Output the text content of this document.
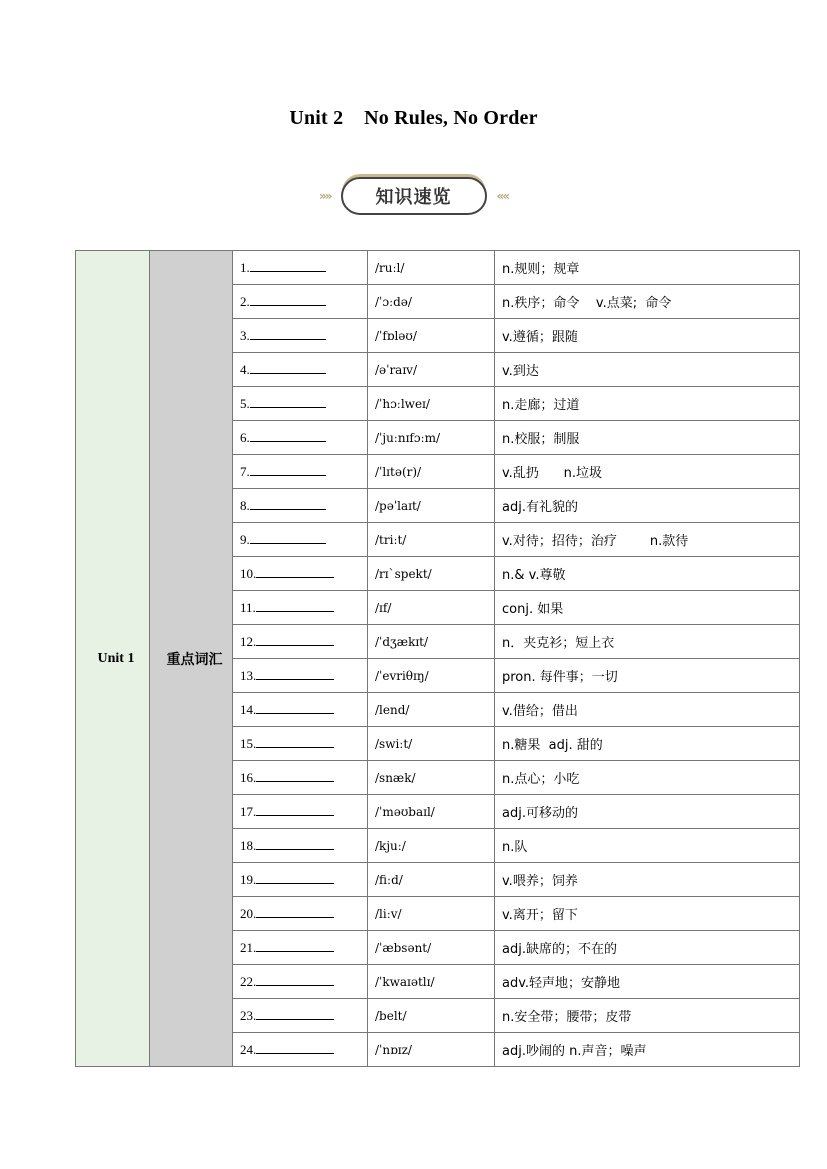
Unit 2    No Rules, No Order
»»	知识速览	««
Unit 1	重点词汇	1.	/ruːl/	n.规则；规章
		2.	/ˈɔːdə/	n.秩序；命令    v.点菜;  命令
		3.	/ˈfɒləʊ/	v.遵循；跟随
		4.	/əˈraɪv/	v.到达
		5.	/ˈhɔːlweɪ/	n.走廊；过道
		6.	/ˈjuːnɪfɔːm/	n.校服；制服
		7.	/ˈlɪtə(r)/	v.乱扔      n.垃圾
		8.	/pəˈlaɪt/	adj.有礼貌的
		9.	/triːt/	v.对待；招待；治疗        n.款待
		10.	/rɪˋspekt/	n.& v.尊敬
		11.	/ɪf/	conj. 如果
		12.	/ˈdʒækɪt/	n．夹克衫；短上衣
		13.	/ˈevriθɪŋ/	pron. 每件事；一切
		14.	/lend/	v.借给；借出
		15.	/swiːt/	n.糖果  adj. 甜的
		16.	/snæk/	n.点心；小吃
		17.	/ˈməʊbaɪl/	adj.可移动的
		18.	/kjuː/	n.队
		19.	/fiːd/	v.喂养；饲养
		20.	/liːv/	v.离开；留下
		21.	/ˈæbsənt/	adj.缺席的；不在的
		22.	/ˈkwaɪətlɪ/	adv.轻声地；安静地
		23.	/belt/	n.安全带；腰带；皮带
		24.	/ˈnɒɪz/	adj.吵闹的 n.声音；噪声
